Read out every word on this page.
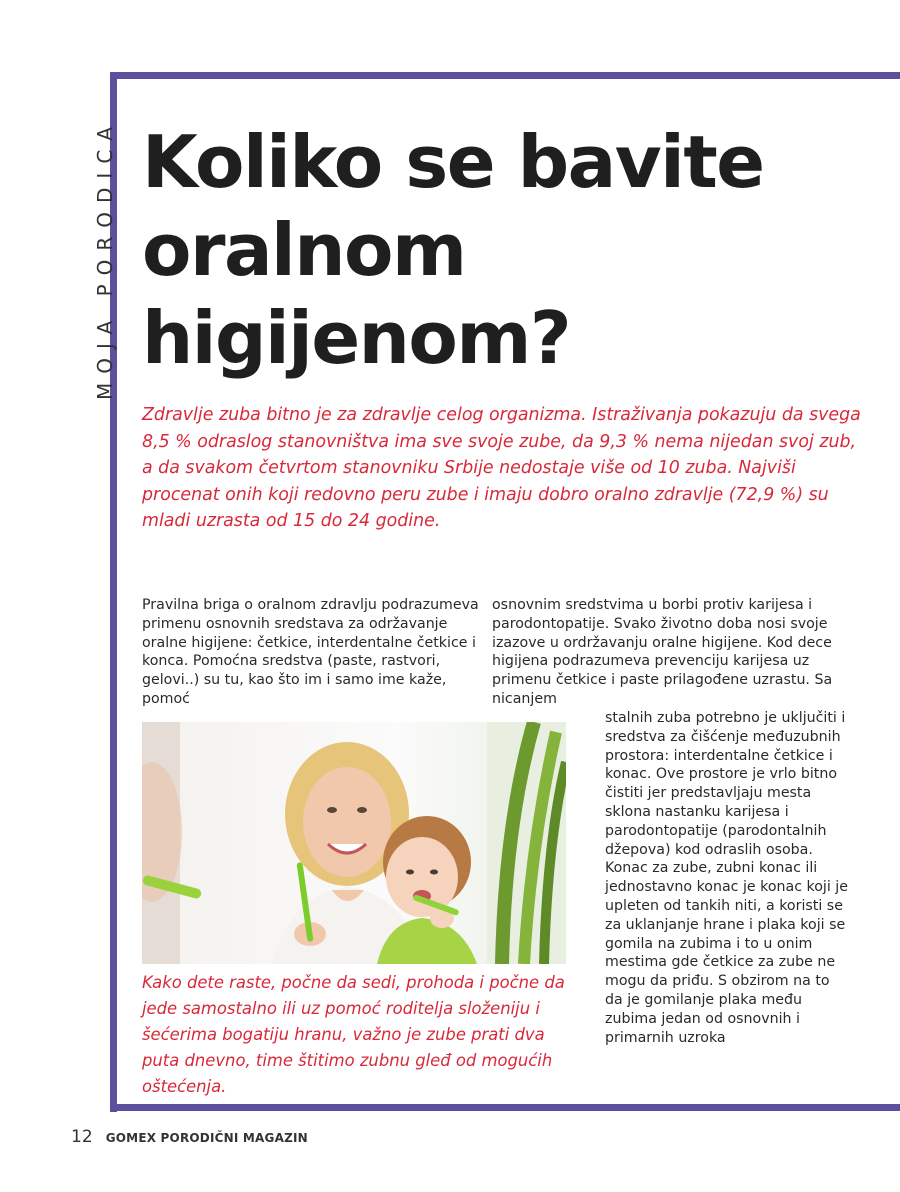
MOJA PORODICA Koliko se bavite oralnom higijenom?
Zdravlje zuba bitno je za zdravlje celog organizma. Istraživanja pokazuju da svega 8,5 % odraslog stanovništva ima sve svoje zube, da 9,3 % nema nijedan svoj zub, a da svakom četvrtom stanovniku Srbije nedostaje više od 10 zuba. Najviši procenat onih koji redovno peru zube i imaju dobro oralno zdravlje (72,9 %) su mladi uzrasta od 15 do 24 godine.

Pravilna briga o oralnom zdravlju podrazumeva primenu osnovnih sredstava za održavanje oralne higijene: četkice, interdentalne četkice i konca. Pomoćna sredstva (paste, rastvori, gelovi..) su tu, kao što im i samo ime kaže, pomoć

osnovnim sredstvima u borbi protiv karijesa i parodontopatije. Svako životno doba nosi svoje izazove u ordržavanju oralne higijene. Kod dece higijena podrazumeva prevenciju karijesa uz primenu četkice i paste prilagođene uzrastu. Sa nicanjem

stalnih zuba potrebno je uključiti i sredstva za čišćenje međuzubnih prostora: interdentalne četkice i konac. Ove prostore je vrlo bitno čistiti jer predstavljaju mesta sklona nastanku karijesa i parodontopatije (parodontalnih džepova) kod odraslih osoba.

Konac za zube, zubni konac ili jednostavno konac je konac koji je upleten od tankih niti, a koristi se za uklanjanje hrane i plaka koji se gomila na zubima i to u onim mestima gde četkice za zube ne mogu da priđu. S obzirom na to da je gomilanje plaka među zubima jedan od osnovnih i primarnih uzroka

Kako dete raste, počne da sedi, prohoda i počne da jede samostalno ili uz pomoć roditelja složeniju i šećerima bogatiju hranu, važno je zube prati dva puta dnevno, time štitimo zubnu gleđ od mogućih oštećenja.
12 GOMEX PORODIČNI MAGAZIN
